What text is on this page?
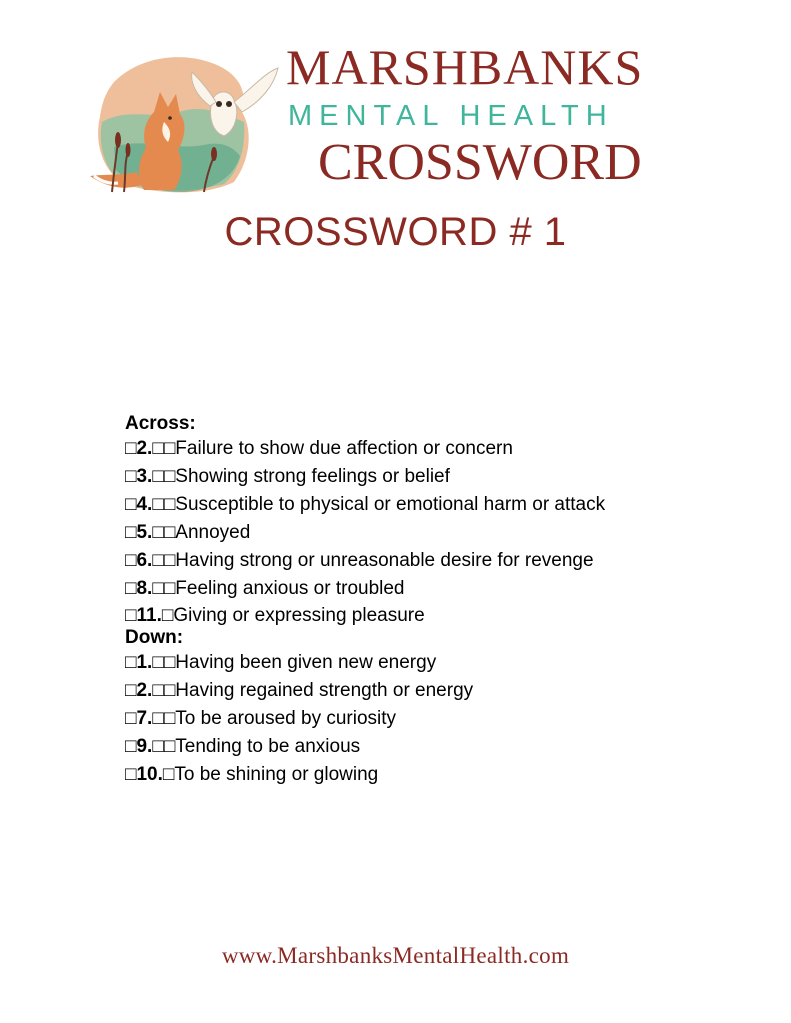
MARSHBANKS
MENTAL HEALTH
CROSSWORD
CROSSWORD # 1
Across:
□2.□□Failure to show due affection or concern
□3.□□Showing strong feelings or belief
□4.□□Susceptible to physical or emotional harm or attack
□5.□□Annoyed
□6.□□Having strong or unreasonable desire for revenge
□8.□□Feeling anxious or troubled
□11.□Giving or expressing pleasure
Down:
□1.□□Having been given new energy
□2.□□Having regained strength or energy
□7.□□To be aroused by curiosity
□9.□□Tending to be anxious
□10.□To be shining or glowing
www.MarshbanksMentalHealth.com
